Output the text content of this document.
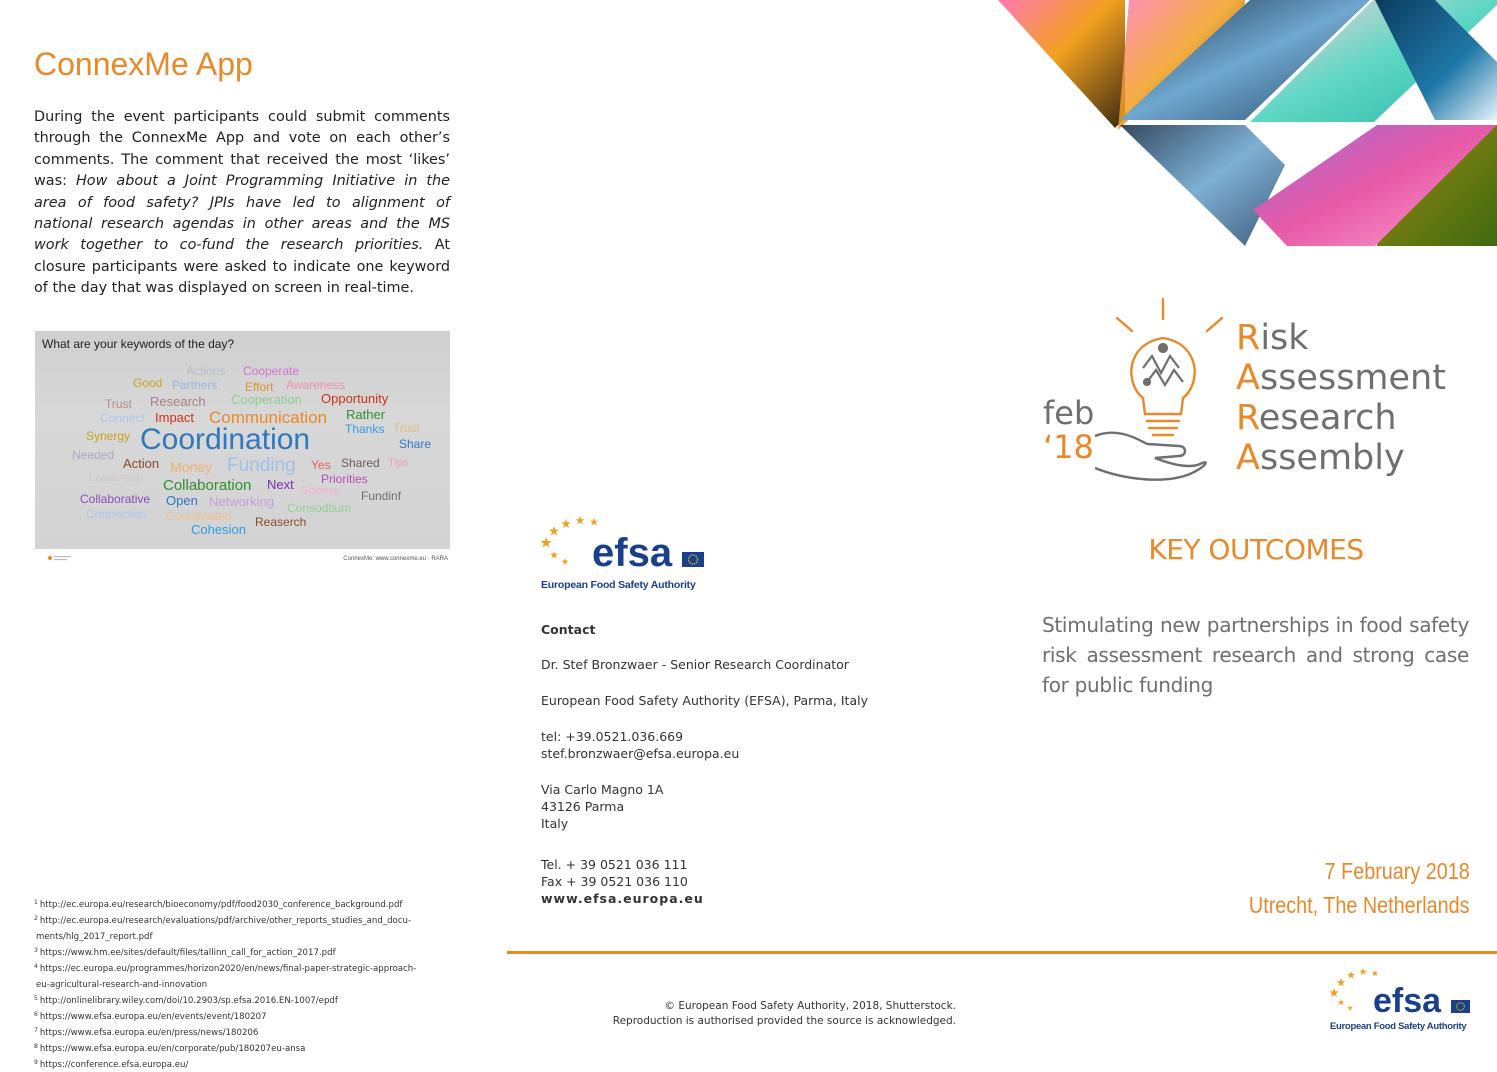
ConnexMe App

During the event participants could submit comments through the ConnexMe App and vote on each other’s comments. The comment that received the most ‘likes’ was: How about a Joint Programming Initiative in the area of food safety? JPIs have led to alignment of national research agendas in other areas and the MS work together to co-fund the research priorities. At closure participants were asked to indicate one keyword of the day that was displayed on screen in real-time.

What are your keywords of the day?
Actions Cooperate
Good Partners Effort Awareness
Trust Research Cooperation Opportunity
Connect Impact Communication Rather
Synergy Coordination	Thanks Trust
Share
Needed
Action Money Funding Yes Shared Tips
Leadership	Priorities
Collaboration Next Science
Collaborative Open Networking	Fundinf
Connection Coordinated
Consodtium
Cohesion Reaserch
ConnexMe: www.connexme.eu · RARA
$^1$ http://ec.europa.eu/research/bioeconomy/pdf/food2030_conference_background.pdf
$^2$ http://ec.europa.eu/research/evaluations/pdf/archive/other_reports_studies_and_docu-
ments/hlg_2017_report.pdf
$^3$ https://www.hm.ee/sites/default/files/tallinn_call_for_action_2017.pdf
$^4$ https://ec.europa.eu/programmes/horizon2020/en/news/final-paper-strategic-approach-
eu-agricultural-research-and-innovation
$^5$ http://onlinelibrary.wiley.com/doi/10.2903/sp.efsa.2016.EN-1007/epdf
$^6$ https://www.efsa.europa.eu/en/events/event/180207
$^7$ https://www.efsa.europa.eu/en/press/news/180206
$^8$ https://www.efsa.europa.eu/en/corporate/pub/180207eu-ansa
$^9$ https://conference.efsa.europa.eu/
efsa
European Food Safety Authority
Contact
Dr. Stef Bronzwaer - Senior Research Coordinator
European Food Safety Authority (EFSA), Parma, Italy
tel: +39.0521.036.669
stef.bronzwaer@efsa.europa.eu
Via Carlo Magno 1A
43126 Parma
Italy
Tel. + 39 0521 036 111
Fax + 39 0521 036 110
www.efsa.europa.eu
© European Food Safety Authority, 2018, Shutterstock.
Reproduction is authorised provided the source is acknowledged.
feb
‘18
Risk
Assessment
Research
Assembly
KEY OUTCOMES
Stimulating new partnerships in food safety risk assessment research and strong case for public funding
7 February 2018
Utrecht, The Netherlands
efsa
European Food Safety Authority
